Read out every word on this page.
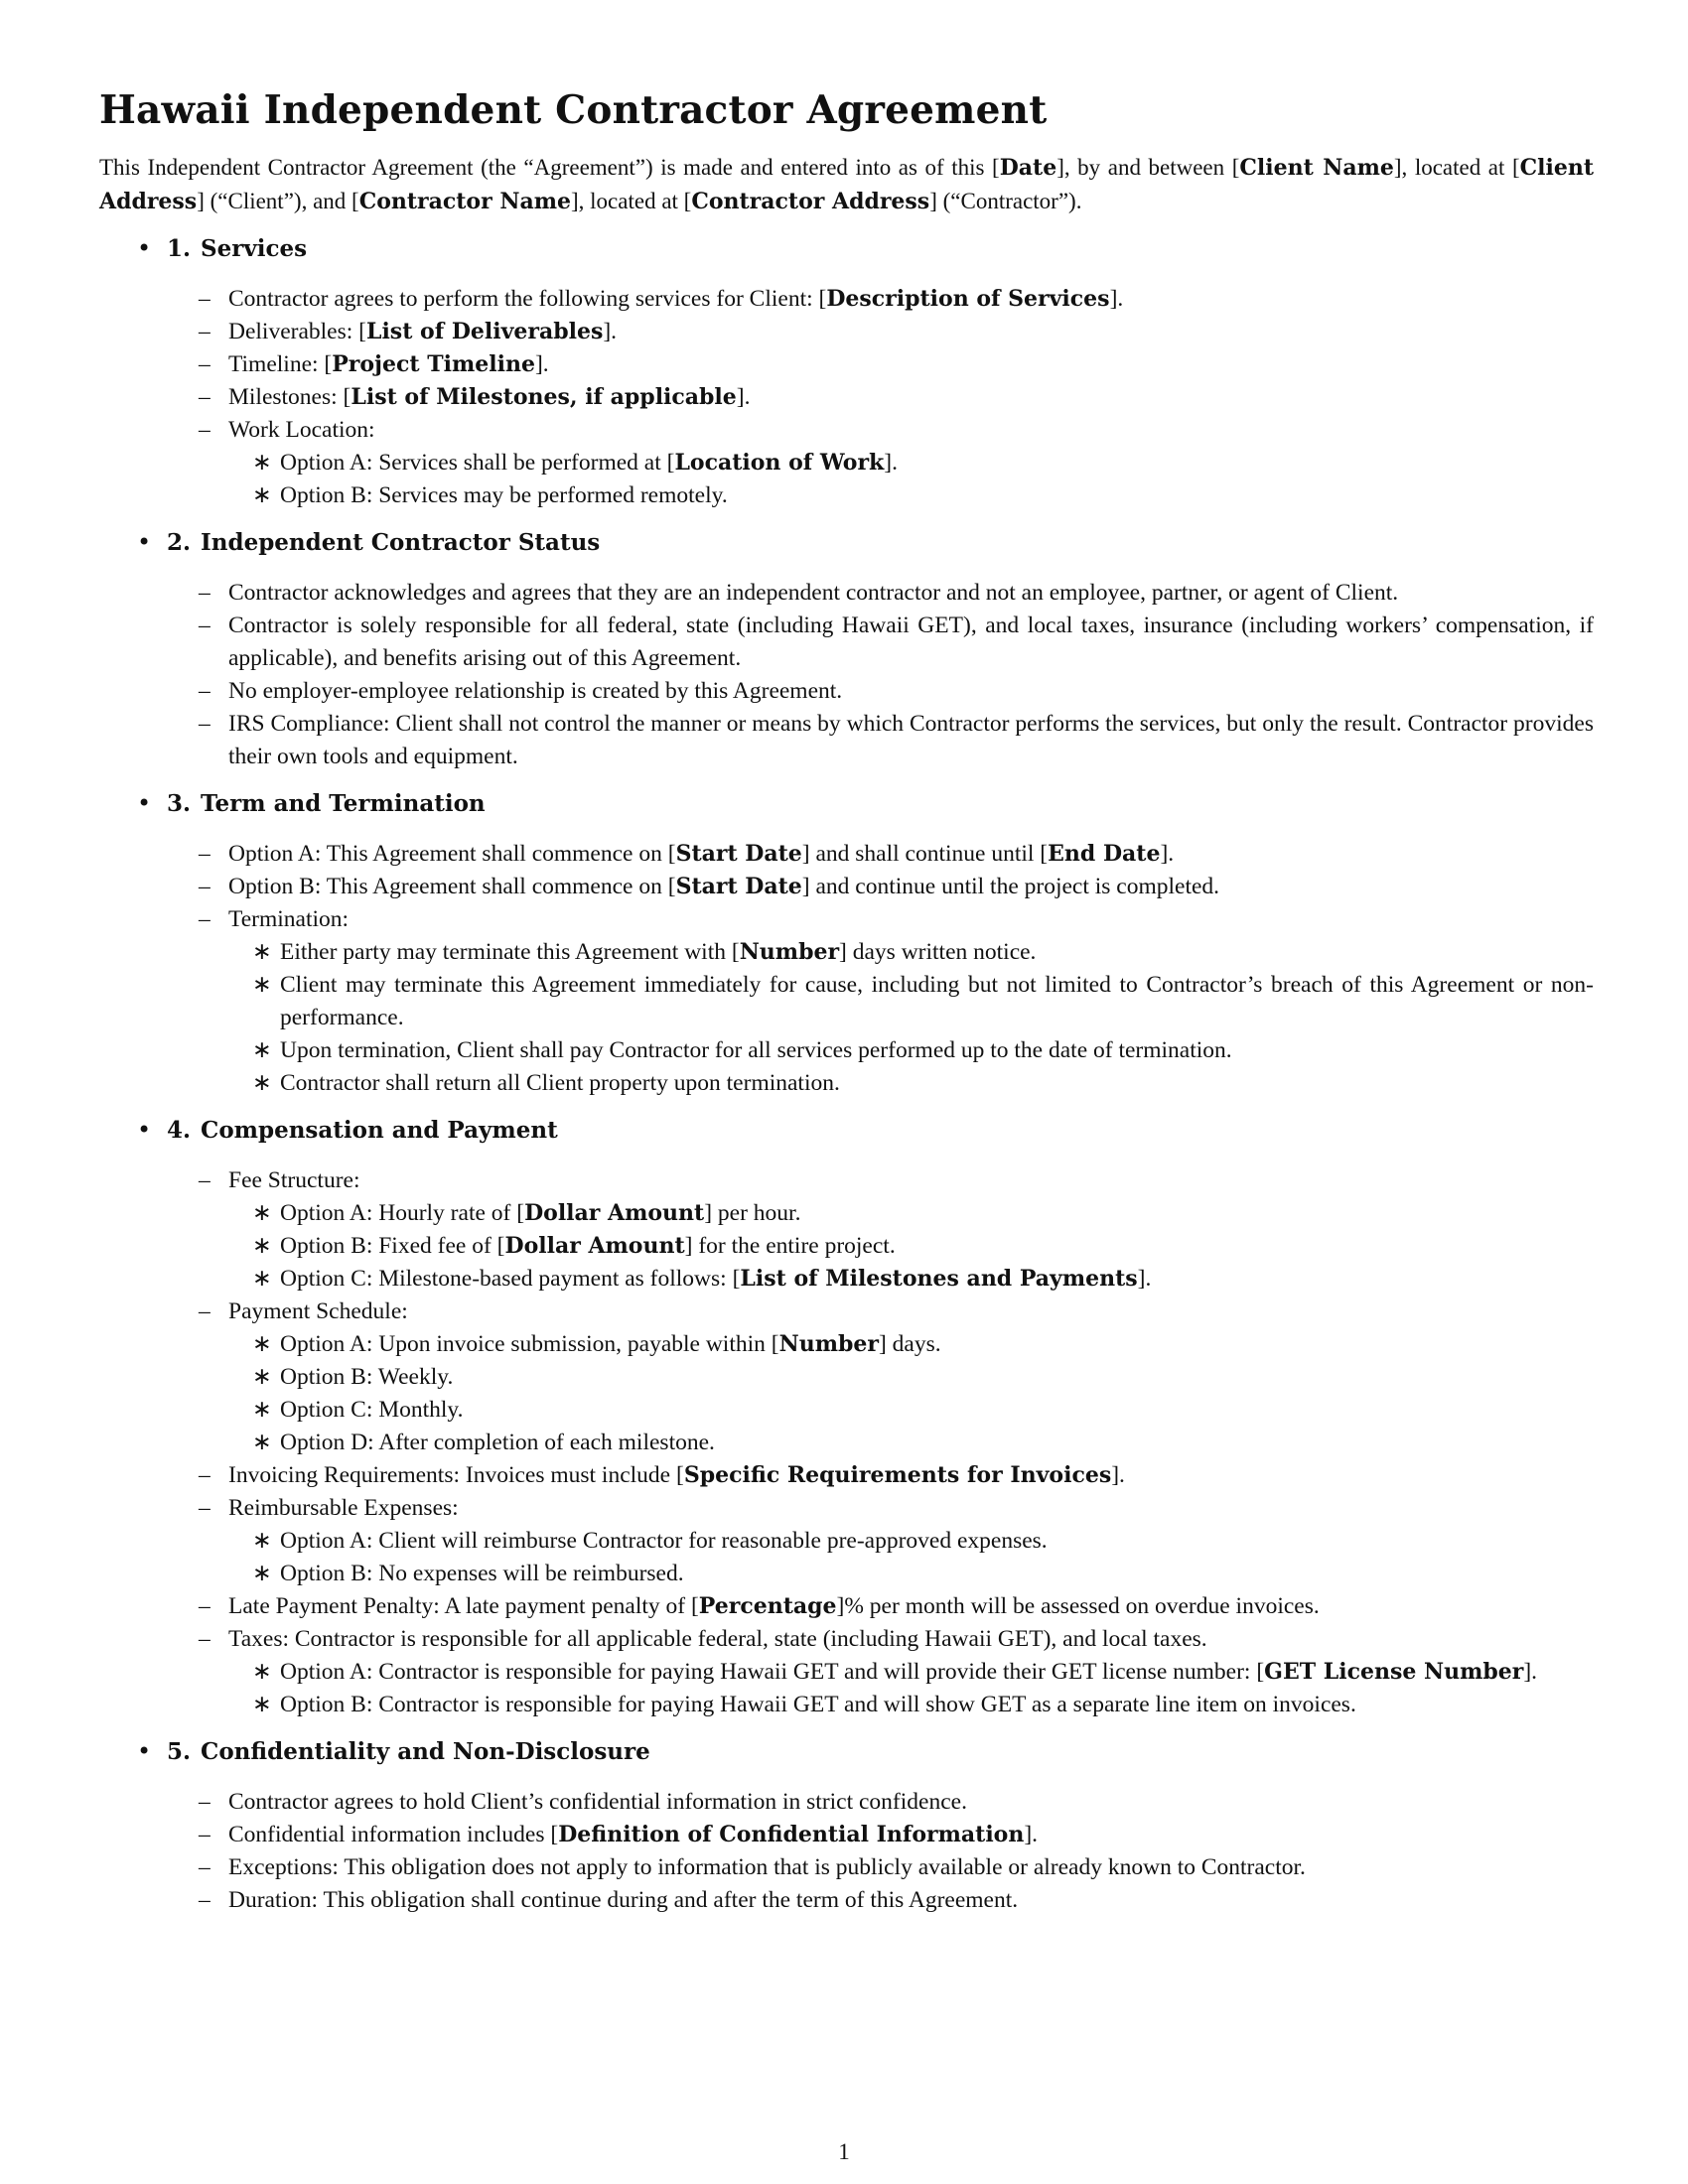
Hawaii Independent Contractor Agreement

This Independent Contractor Agreement (the “Agreement”) is made and entered into as of this [Date], by and between [Client Name], located at [Client Address] (“Client”), and [Contractor Name], located at [Contractor Address] (“Contractor”).

• 1. Services
– Contractor agrees to perform the following services for Client: [Description of Services].
– Deliverables: [List of Deliverables].
– Timeline: [Project Timeline].
– Milestones: [List of Milestones, if applicable].
– Work Location:
∗ Option A: Services shall be performed at [Location of Work].
∗ Option B: Services may be performed remotely.
• 2. Independent Contractor Status
– Contractor acknowledges and agrees that they are an independent contractor and not an employee, partner, or agent of Client.
– Contractor is solely responsible for all federal, state (including Hawaii GET), and local taxes, insurance (including workers’ compensation, if applicable), and benefits arising out of this Agreement.
– No employer-employee relationship is created by this Agreement.
– IRS Compliance: Client shall not control the manner or means by which Contractor performs the services, but only the result. Contractor provides their own tools and equipment.
• 3. Term and Termination
– Option A: This Agreement shall commence on [Start Date] and shall continue until [End Date].
– Option B: This Agreement shall commence on [Start Date] and continue until the project is completed.
– Termination:
∗ Either party may terminate this Agreement with [Number] days written notice.
∗ Client may terminate this Agreement immediately for cause, including but not limited to Contractor’s breach of this Agreement or non-performance.
∗ Upon termination, Client shall pay Contractor for all services performed up to the date of termination.
∗ Contractor shall return all Client property upon termination.
• 4. Compensation and Payment
– Fee Structure:
∗ Option A: Hourly rate of [Dollar Amount] per hour.
∗ Option B: Fixed fee of [Dollar Amount] for the entire project.
∗ Option C: Milestone-based payment as follows: [List of Milestones and Payments].
– Payment Schedule:
∗ Option A: Upon invoice submission, payable within [Number] days.
∗ Option B: Weekly.
∗ Option C: Monthly.
∗ Option D: After completion of each milestone.
– Invoicing Requirements: Invoices must include [Specific Requirements for Invoices].
– Reimbursable Expenses:
∗ Option A: Client will reimburse Contractor for reasonable pre-approved expenses.
∗ Option B: No expenses will be reimbursed.
– Late Payment Penalty: A late payment penalty of [Percentage]% per month will be assessed on overdue invoices.
– Taxes: Contractor is responsible for all applicable federal, state (including Hawaii GET), and local taxes.
∗ Option A: Contractor is responsible for paying Hawaii GET and will provide their GET license number: [GET License Number].
∗ Option B: Contractor is responsible for paying Hawaii GET and will show GET as a separate line item on invoices.
• 5. Confidentiality and Non-Disclosure
– Contractor agrees to hold Client’s confidential information in strict confidence.
– Confidential information includes [Definition of Confidential Information].
– Exceptions: This obligation does not apply to information that is publicly available or already known to Contractor.
– Duration: This obligation shall continue during and after the term of this Agreement.
1
